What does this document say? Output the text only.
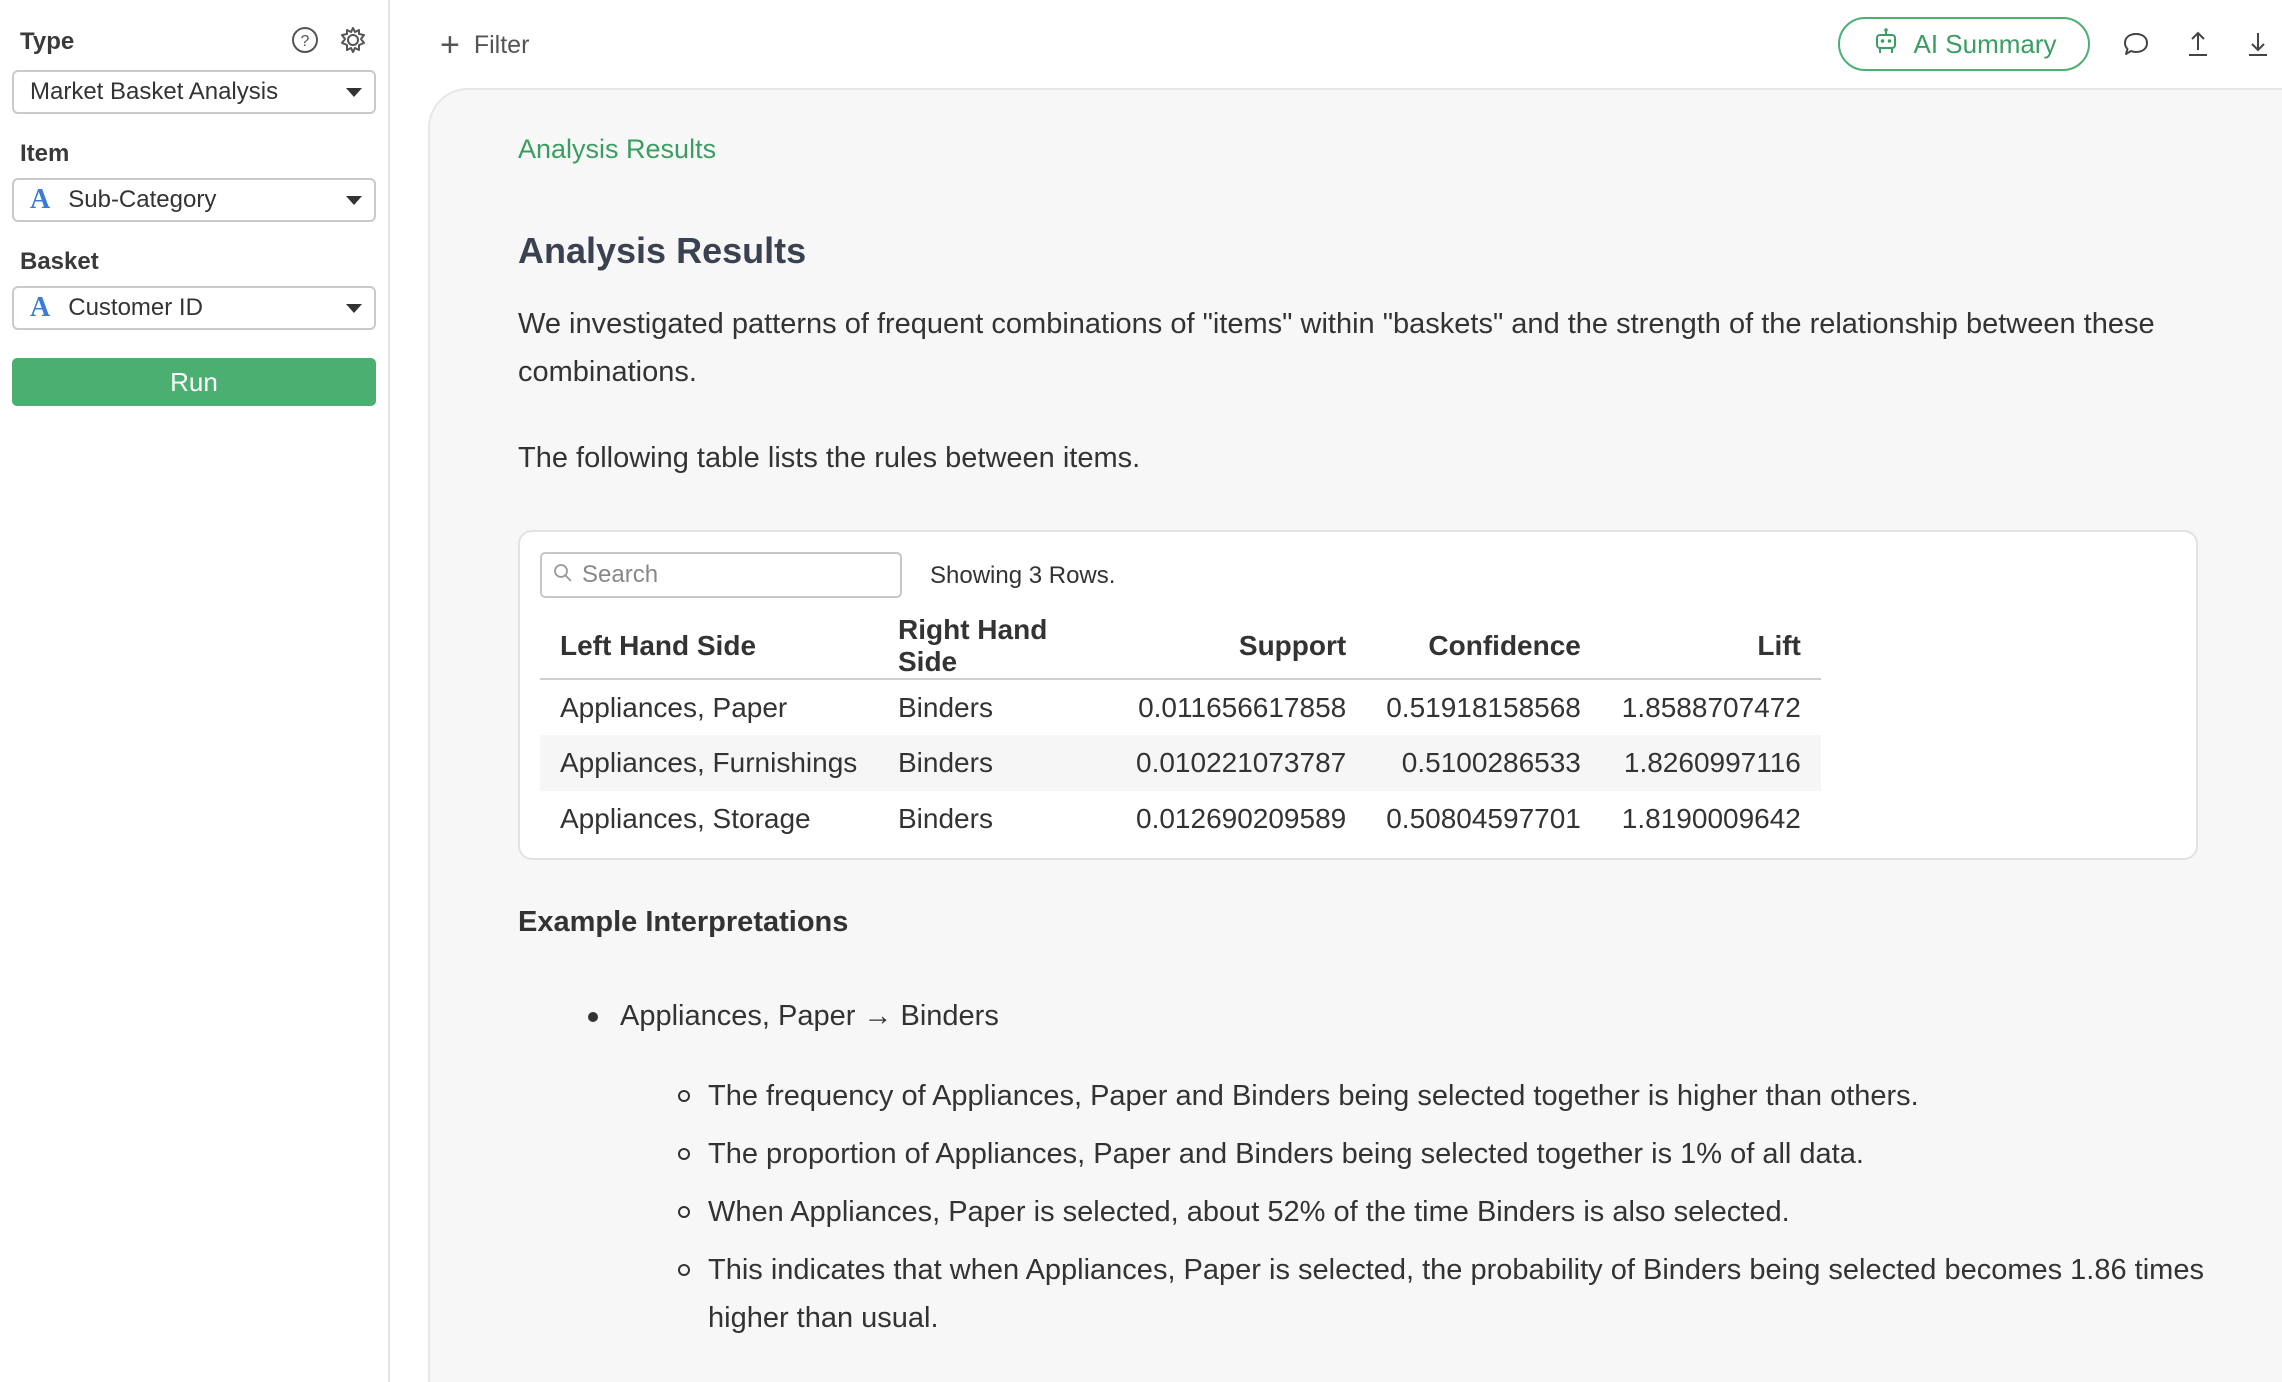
Type	?
Market Basket Analysis
Item
A Sub-Category
Basket
A Customer ID
Run
+ Filter	AI Summary
Analysis Results
Analysis Results
We investigated patterns of frequent combinations of "items" within "baskets" and the strength of the relationship between these combinations.
The following table lists the rules between items.
Search
Showing 3 Rows.
Left Hand Side	Right Hand Side	Support	Confidence	Lift
Appliances, Paper	Binders	0.011656617858	0.51918158568	1.8588707472
Appliances, Furnishings	Binders	0.010221073787	0.5100286533	1.8260997116
Appliances, Storage	Binders	0.012690209589	0.50804597701	1.8190009642
Example Interpretations
Appliances, Paper → Binders
The frequency of Appliances, Paper and Binders being selected together is higher than others.
The proportion of Appliances, Paper and Binders being selected together is 1% of all data.
When Appliances, Paper is selected, about 52% of the time Binders is also selected.
This indicates that when Appliances, Paper is selected, the probability of Binders being selected becomes 1.86 times higher than usual.
